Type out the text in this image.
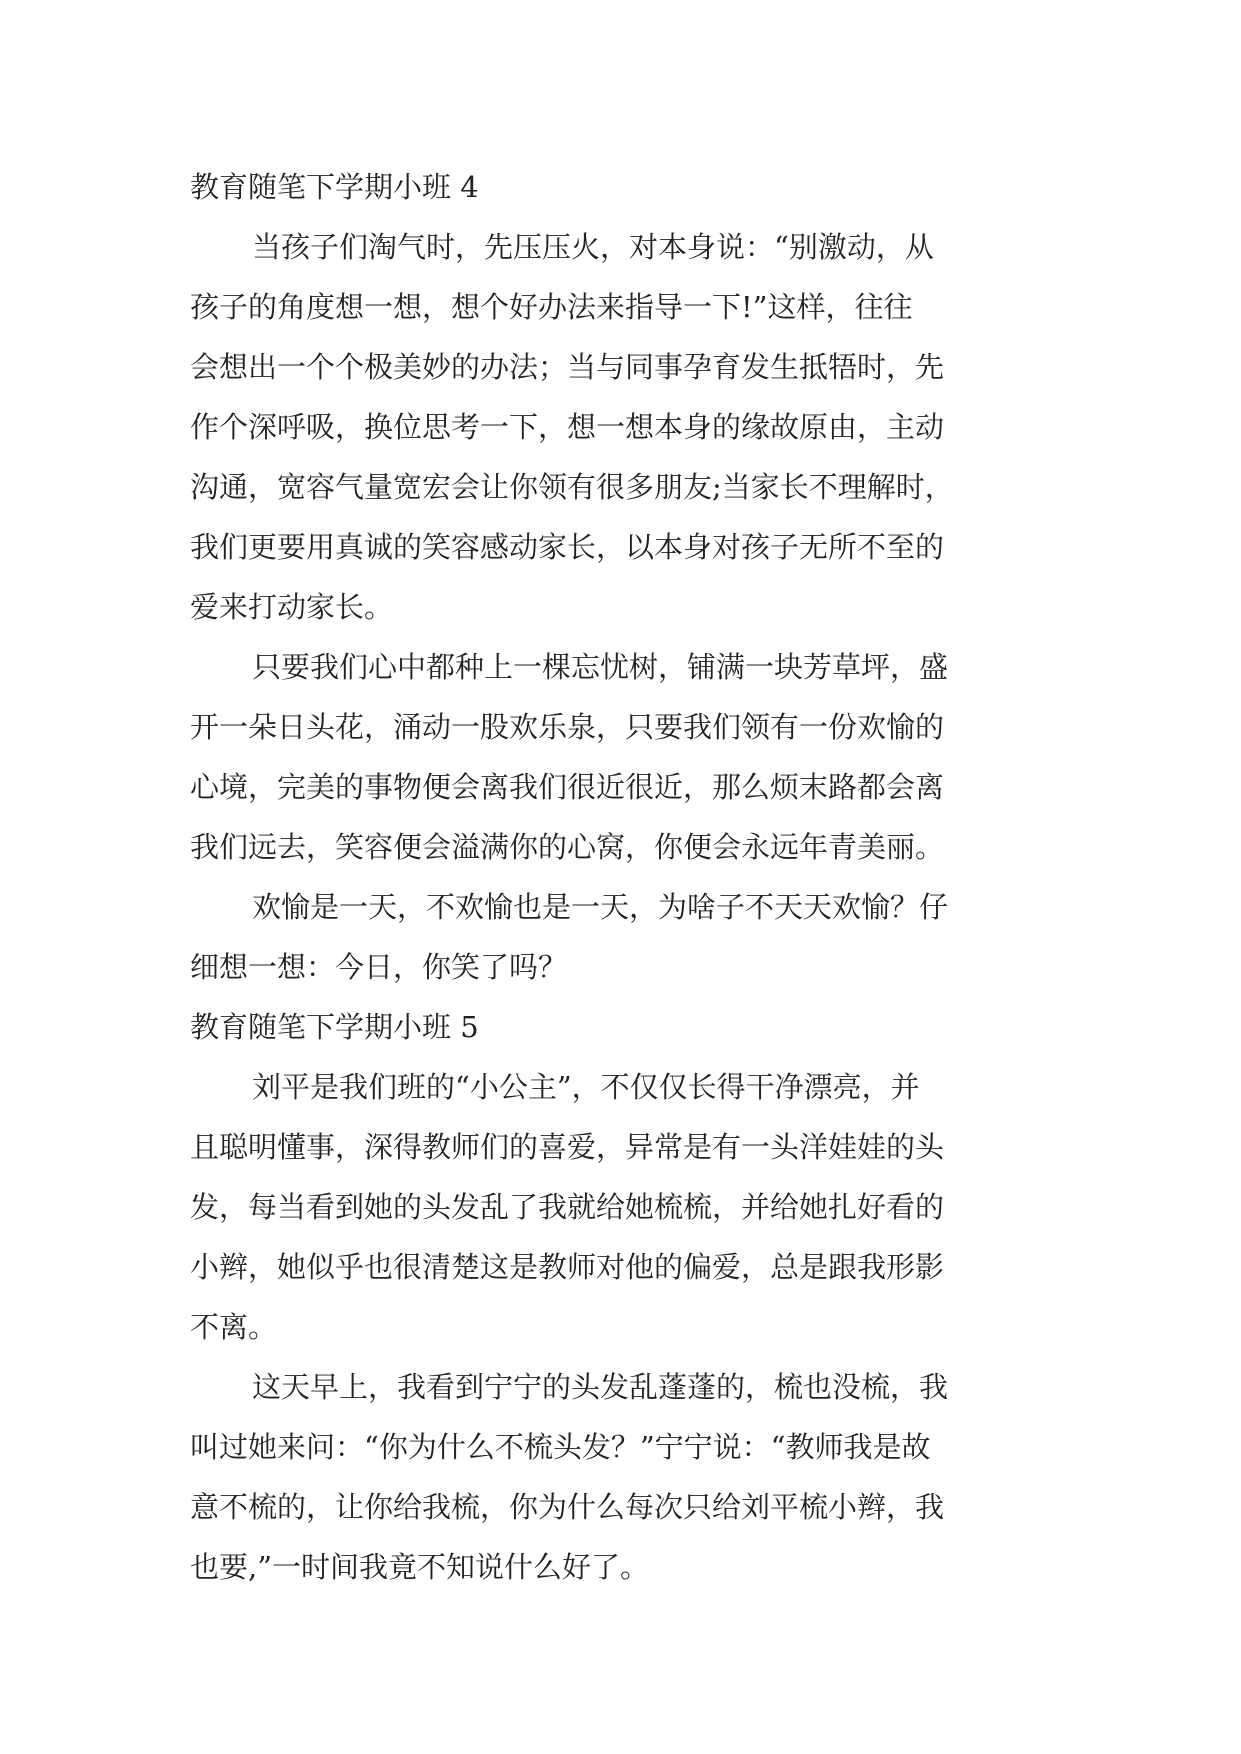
教育随笔下学期小班 4
当孩子们淘气时，先压压火，对本身说：“别激动，从
孩子的角度想一想，想个好办法来指导一下!”这样，往往
会想出一个个极美妙的办法；当与同事孕育发生抵牾时，先
作个深呼吸，换位思考一下，想一想本身的缘故原由，主动
沟通，宽容气量宽宏会让你领有很多朋友;当家长不理解时，
我们更要用真诚的笑容感动家长，以本身对孩子无所不至的
爱来打动家长。
只要我们心中都种上一棵忘忧树，铺满一块芳草坪，盛
开一朵日头花，涌动一股欢乐泉，只要我们领有一份欢愉的
心境，完美的事物便会离我们很近很近，那么烦末路都会离
我们远去，笑容便会溢满你的心窝，你便会永远年青美丽。
欢愉是一天，不欢愉也是一天，为啥子不天天欢愉？仔
细想一想：今日，你笑了吗？
教育随笔下学期小班 5
刘平是我们班的“小公主”，不仅仅长得干净漂亮，并
且聪明懂事，深得教师们的喜爱，异常是有一头洋娃娃的头
发，每当看到她的头发乱了我就给她梳梳，并给她扎好看的
小辫，她似乎也很清楚这是教师对他的偏爱，总是跟我形影
不离。
这天早上，我看到宁宁的头发乱蓬蓬的，梳也没梳，我
叫过她来问：“你为什么不梳头发？”宁宁说：“教师我是故
意不梳的，让你给我梳，你为什么每次只给刘平梳小辫，我
也要,”一时间我竟不知说什么好了。
